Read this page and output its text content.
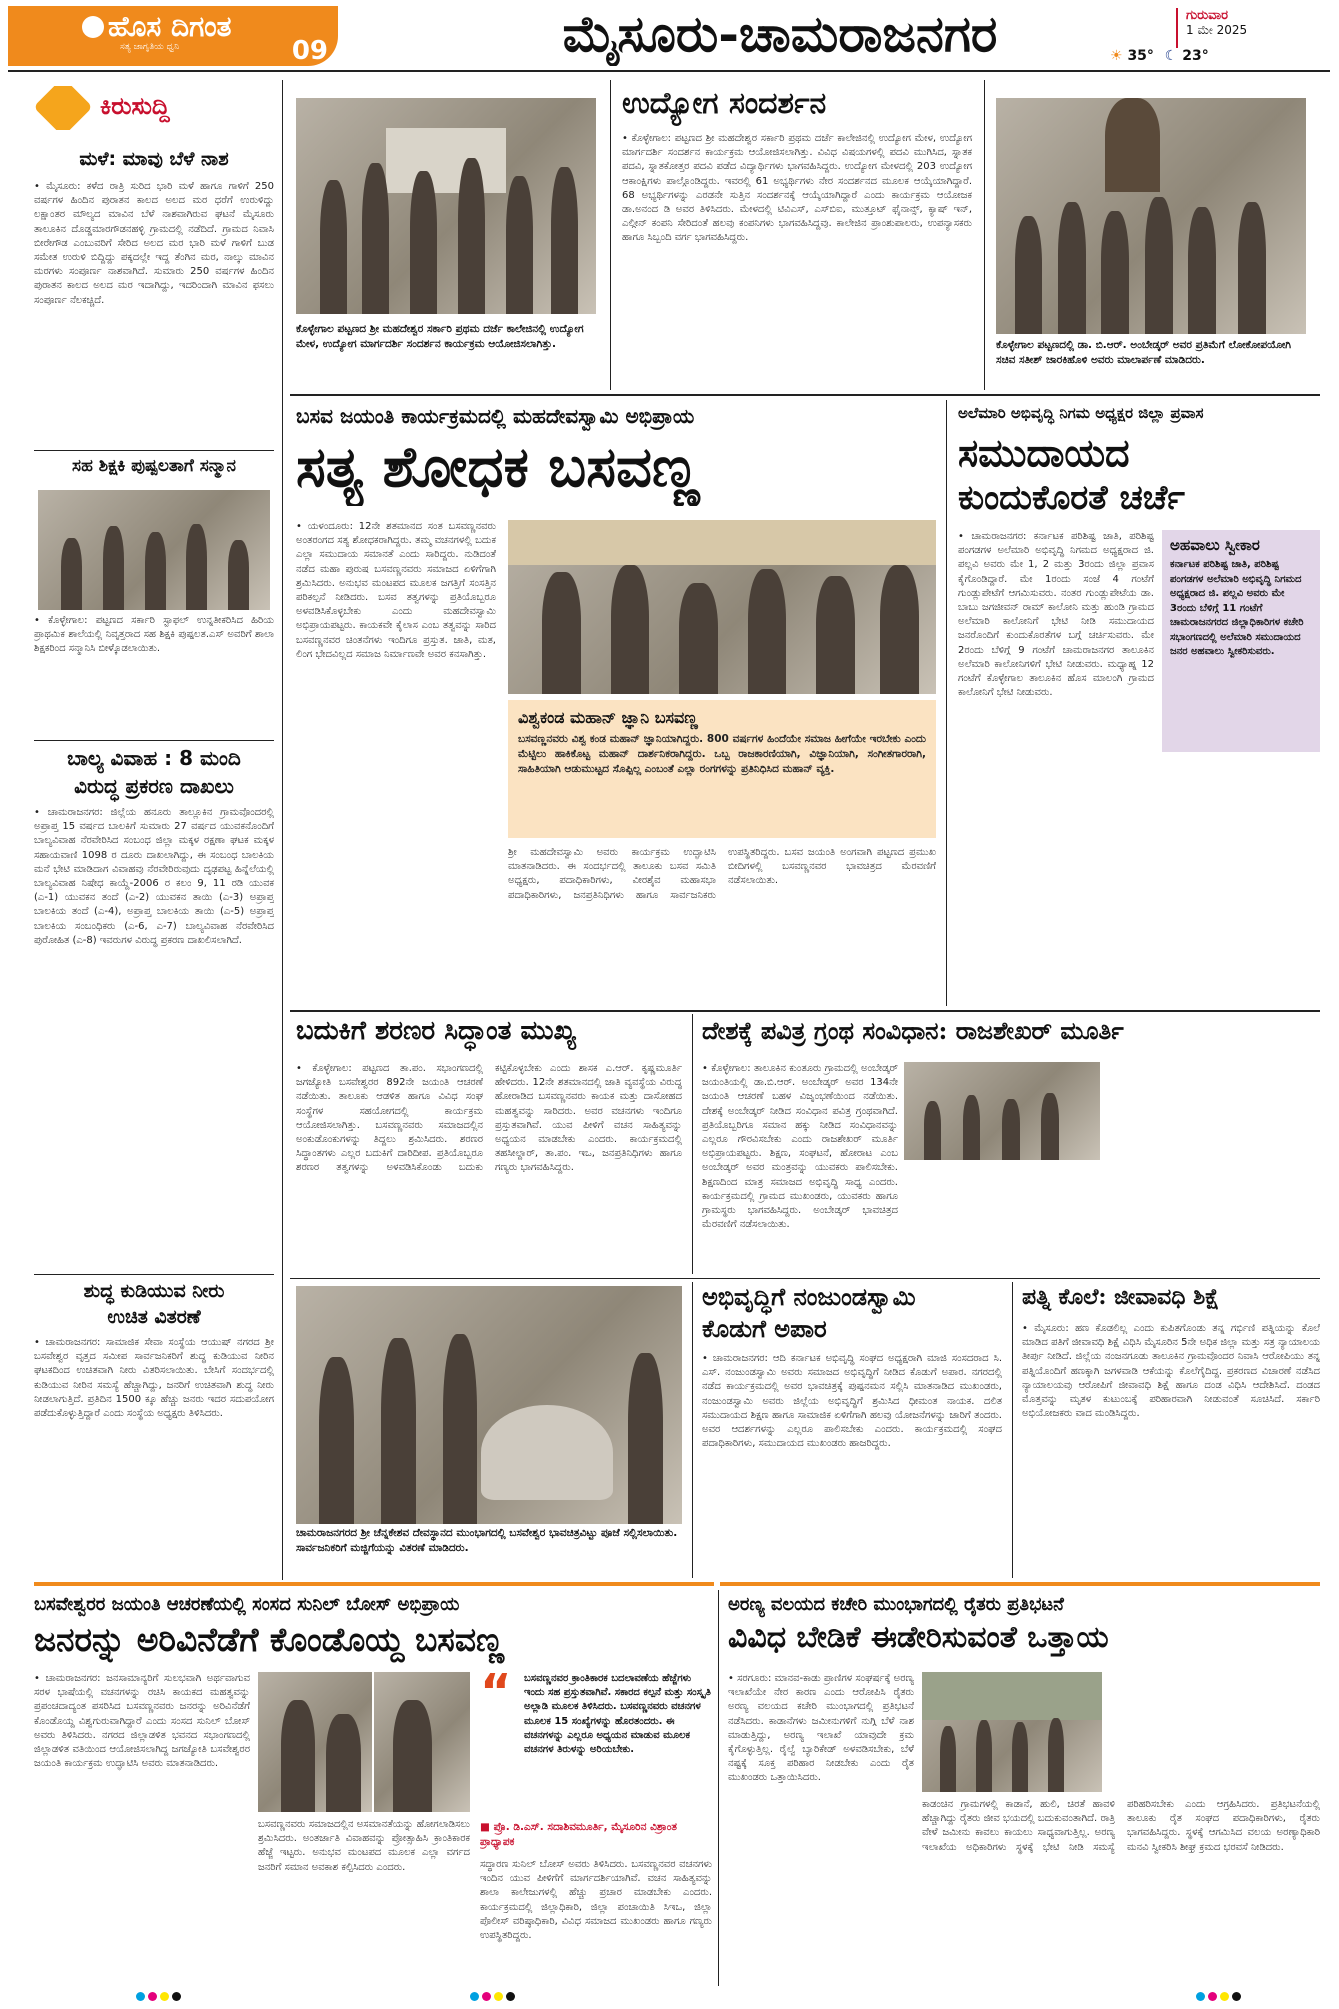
ಹೊಸ ದಿಗಂತ
ಸತ್ಯ ಜಾಗೃತಿಯ ಧ್ವನಿ	09	ಮೈಸೂರು-ಚಾಮರಾಜನಗರ	☀ 35° ☾ 23°
ಗುರುವಾರ
1 ಮೇ 2025
ಕಿರುಸುದ್ದಿ
ಮಳೆ: ಮಾವು ಬೆಳೆ ನಾಶ
• ಮೈಸೂರು: ಕಳೆದ ರಾತ್ರಿ ಸುರಿದ ಭಾರಿ ಮಳೆ ಹಾಗೂ ಗಾಳಿಗೆ 250 ವರ್ಷಗಳ ಹಿಂದಿನ ಪುರಾತನ ಕಾಲದ ಅಲದ ಮರ ಧರೆಗೆ ಉರುಳಿದ್ದು ಲಕ್ಷಾಂತರ ಮೌಲ್ಯದ ಮಾವಿನ ಬೆಳೆ ನಾಶವಾಗಿರುವ ಘಟನೆ ಮೈಸೂರು ತಾಲೂಕಿನ ದೊಡ್ಡಮಾರಗೌಡನಹಳ್ಳಿ ಗ್ರಾಮದಲ್ಲಿ ನಡೆದಿದೆ. ಗ್ರಾಮದ ನಿವಾಸಿ ಬೀರೇಗೌಡ ಎಂಬುವರಿಗೆ ಸೇರಿದ ಅಲದ ಮರ ಭಾರಿ ಮಳೆ ಗಾಳಿಗೆ ಬುಡ ಸಮೇತ ಉರುಳಿ ಬಿದ್ದಿದ್ದು ಪಕ್ಕದಲ್ಲೇ ಇದ್ದ ತೆಂಗಿನ ಮರ, ನಾಲ್ಕು ಮಾವಿನ ಮರಗಳು ಸಂಪೂರ್ಣ ನಾಶವಾಗಿದೆ. ಸುಮಾರು 250 ವರ್ಷಗಳ ಹಿಂದಿನ ಪುರಾತನ ಕಾಲದ ಅಲದ ಮರ ಇದಾಗಿದ್ದು, ಇದರಿಂದಾಗಿ ಮಾವಿನ ಫಸಲು ಸಂಪೂರ್ಣ ನೆಲಕಚ್ಚಿದೆ.
ಸಹ ಶಿಕ್ಷಕಿ ಪುಷ್ಪಲತಾಗೆ ಸನ್ಮಾನ
• ಕೊಳ್ಳೇಗಾಲ: ಪಟ್ಟಣದ ಸರ್ಕಾರಿ ಸ್ಟಾಫಲ್ ಉನ್ನತೀಕರಿಸಿದ ಹಿರಿಯ ಪ್ರಾಥಮಿಕ ಶಾಲೆಯಲ್ಲಿ ನಿವೃತ್ತರಾದ ಸಹ ಶಿಕ್ಷಕಿ ಪುಷ್ಪಲತ.ಎಸ್ ಅವರಿಗೆ ಶಾಲಾ ಶಿಕ್ಷಕರಿಂದ ಸನ್ಮಾನಿಸಿ ಬೀಳ್ಕೊಡಲಾಯಿತು.
ಬಾಲ್ಯ ವಿವಾಹ : 8 ಮಂದಿ
ವಿರುದ್ಧ ಪ್ರಕರಣ ದಾಖಲು
• ಚಾಮರಾಜನಗರ: ಜಿಲ್ಲೆಯ ಹನೂರು ತಾಲ್ಲೂಕಿನ ಗ್ರಾಮವೊಂದರಲ್ಲಿ ಅಪ್ರಾಪ್ತ 15 ವರ್ಷದ ಬಾಲಕಿಗೆ ಸುಮಾರು 27 ವರ್ಷದ ಯುವಕನೊಂದಿಗೆ ಬಾಲ್ಯವಿವಾಹ ನೆರವೇರಿಸಿದ ಸಂಬಂಧ ಜಿಲ್ಲಾ ಮಕ್ಕಳ ರಕ್ಷಣಾ ಘಟಕ ಮಕ್ಕಳ ಸಹಾಯವಾಣಿ 1098 ರ ದೂರು ದಾಖಲಾಗಿದ್ದು, ಈ ಸಂಬಂಧ ಬಾಲಕಿಯ ಮನೆ ಭೇಟಿ ಮಾಡಿದಾಗ ವಿವಾಹವು ನೆರವೇರಿರುವುದು ದೃಢಪಟ್ಟ ಹಿನ್ನೆಲೆಯಲ್ಲಿ ಬಾಲ್ಯವಿವಾಹ ನಿಷೇಧ ಕಾಯ್ದೆ-2006 ರ ಕಲಂ 9, 11 ರಡಿ ಯುವಕ (ಎ-1) ಯುವಕನ ತಂದೆ (ಎ-2) ಯುವಕನ ತಾಯಿ (ಎ-3) ಅಪ್ರಾಪ್ತ ಬಾಲಕಿಯ ತಂದೆ (ಎ-4), ಅಪ್ರಾಪ್ತ ಬಾಲಕಿಯ ತಾಯಿ (ಎ-5) ಅಪ್ರಾಪ್ತ ಬಾಲಕಿಯ ಸಂಬಂಧಿಕರು (ಎ-6, ಎ-7) ಬಾಲ್ಯವಿವಾಹ ನೆರವೇರಿಸಿದ ಪುರೋಹಿತ (ಎ-8) ಇವರುಗಳ ವಿರುದ್ಧ ಪ್ರಕರಣ ದಾಖಲಿಸಲಾಗಿದೆ.
ಶುದ್ಧ ಕುಡಿಯುವ ನೀರು
ಉಚಿತ ವಿತರಣೆ
• ಚಾಮರಾಜನಗರ: ಸಾಮಾಜಿಕ ಸೇವಾ ಸಂಸ್ಥೆಯ ಆಯುಷ್ ನಗರದ ಶ್ರೀ ಬಸವೇಶ್ವರ ವೃತ್ತದ ಸಮೀಪ ಸಾರ್ವಜನಿಕರಿಗೆ ಶುದ್ಧ ಕುಡಿಯುವ ನೀರಿನ ಘಟಕದಿಂದ ಉಚಿತವಾಗಿ ನೀರು ವಿತರಿಸಲಾಯಿತು. ಬೇಸಿಗೆ ಸಂದರ್ಭದಲ್ಲಿ ಕುಡಿಯುವ ನೀರಿನ ಸಮಸ್ಯೆ ಹೆಚ್ಚಾಗಿದ್ದು, ಜನರಿಗೆ ಉಚಿತವಾಗಿ ಶುದ್ಧ ನೀರು ನೀಡಲಾಗುತ್ತಿದೆ. ಪ್ರತಿದಿನ 1500 ಕ್ಕೂ ಹೆಚ್ಚು ಜನರು ಇದರ ಸದುಪಯೋಗ ಪಡೆದುಕೊಳ್ಳುತ್ತಿದ್ದಾರೆ ಎಂದು ಸಂಸ್ಥೆಯ ಅಧ್ಯಕ್ಷರು ತಿಳಿಸಿದರು.
ಕೊಳ್ಳೇಗಾಲ ಪಟ್ಟಣದ ಶ್ರೀ ಮಹದೇಶ್ವರ ಸರ್ಕಾರಿ ಪ್ರಥಮ ದರ್ಜೆ ಕಾಲೇಜಿನಲ್ಲಿ ಉದ್ಯೋಗ ಮೇಳ, ಉದ್ಯೋಗ ಮಾರ್ಗದರ್ಶಿ ಸಂದರ್ಶನ ಕಾರ್ಯಕ್ರಮ ಆಯೋಜಿಸಲಾಗಿತ್ತು.
ಉದ್ಯೋಗ ಸಂದರ್ಶನ
• ಕೊಳ್ಳೇಗಾಲ: ಪಟ್ಟಣದ ಶ್ರೀ ಮಹದೇಶ್ವರ ಸರ್ಕಾರಿ ಪ್ರಥಮ ದರ್ಜೆ ಕಾಲೇಜಿನಲ್ಲಿ ಉದ್ಯೋಗ ಮೇಳ, ಉದ್ಯೋಗ ಮಾರ್ಗದರ್ಶಿ ಸಂದರ್ಶನ ಕಾರ್ಯಕ್ರಮ ಆಯೋಜಿಸಲಾಗಿತ್ತು. ವಿವಿಧ ವಿಷಯಗಳಲ್ಲಿ ಪದವಿ ಮುಗಿಸಿದ, ಸ್ನಾತಕ ಪದವಿ, ಸ್ನಾತಕೋತ್ತರ ಪದವಿ ಪಡೆದ ವಿದ್ಯಾರ್ಥಿಗಳು ಭಾಗವಹಿಸಿದ್ದರು. ಉದ್ಯೋಗ ಮೇಳದಲ್ಲಿ 203 ಉದ್ಯೋಗ ಆಕಾಂಕ್ಷಿಗಳು ಪಾಲ್ಗೊಂಡಿದ್ದರು. ಇವರಲ್ಲಿ 61 ಅಭ್ಯರ್ಥಿಗಳು ನೇರ ಸಂದರ್ಶನದ ಮೂಲಕ ಆಯ್ಕೆಯಾಗಿದ್ದಾರೆ. 68 ಅಭ್ಯರ್ಥಿಗಳನ್ನು ಎರಡನೇ ಸುತ್ತಿನ ಸಂದರ್ಶನಕ್ಕೆ ಆಯ್ಕೆಯಾಗಿದ್ದಾರೆ ಎಂದು ಕಾರ್ಯಕ್ರಮ ಆಯೋಜಕ ಡಾ.ಅನಂದ ಡಿ ಅವರ ತಿಳಿಸಿದರು. ಮೇಳದಲ್ಲಿ ಟಿವಿಎಸ್, ಎಸ್‌ಬಿಐ, ಮುತ್ತೂಟ್ ಫೈನಾನ್ಸ್, ಕ್ಯಾಷ್ ಇನ್, ಎಲ್ಗೀನ್ ಕಂಪನಿ ಸೇರಿದಂತೆ ಹಲವು ಕಂಪನಿಗಳು ಭಾಗವಹಿಸಿದ್ದವು. ಕಾಲೇಜಿನ ಪ್ರಾಂಶುಪಾಲರು, ಉಪನ್ಯಾಸಕರು ಹಾಗೂ ಸಿಬ್ಬಂದಿ ವರ್ಗ ಭಾಗವಹಿಸಿದ್ದರು.
ಕೊಳ್ಳೇಗಾಲ ಪಟ್ಟಣದಲ್ಲಿ ಡಾ. ಬಿ.ಆರ್. ಅಂಬೇಡ್ಕರ್ ಅವರ ಪ್ರತಿಮೆಗೆ ಲೋಕೋಪಯೋಗಿ ಸಚಿವ ಸತೀಶ್ ಜಾರಕಿಹೊಳಿ ಅವರು ಮಾಲಾರ್ಪಣೆ ಮಾಡಿದರು.
ಬಸವ ಜಯಂತಿ ಕಾರ್ಯಕ್ರಮದಲ್ಲಿ ಮಹದೇವಸ್ವಾಮಿ ಅಭಿಪ್ರಾಯ
ಸತ್ಯ ಶೋಧಕ ಬಸವಣ್ಣ
• ಯಳಂದೂರು: 12ನೇ ಶತಮಾನದ ಸಂತ ಬಸವಣ್ಣನವರು ಅಂತರಂಗದ ಸತ್ಯ ಶೋಧಕರಾಗಿದ್ದರು. ತಮ್ಮ ವಚನಗಳಲ್ಲಿ ಬದುಕ ಎಲ್ಲಾ ಸಮುದಾಯ ಸಮಾನತೆ ಎಂದು ಸಾರಿದ್ದರು. ನುಡಿದಂತೆ ನಡೆದ ಮಹಾ ಪುರುಷ ಬಸವಣ್ಣನವರು ಸಮಾಜದ ಏಳಿಗೆಗಾಗಿ ಶ್ರಮಿಸಿದರು. ಅನುಭವ ಮಂಟಪದ ಮೂಲಕ ಜಗತ್ತಿಗೆ ಸಂಸತ್ತಿನ ಪರಿಕಲ್ಪನೆ ನೀಡಿದರು. ಬಸವ ತತ್ವಗಳನ್ನು ಪ್ರತಿಯೊಬ್ಬರೂ ಅಳವಡಿಸಿಕೊಳ್ಳಬೇಕು ಎಂದು ಮಹದೇವಸ್ವಾಮಿ ಅಭಿಪ್ರಾಯಪಟ್ಟರು. ಕಾಯಕವೇ ಕೈಲಾಸ ಎಂಬ ತತ್ವವನ್ನು ಸಾರಿದ ಬಸವಣ್ಣನವರ ಚಿಂತನೆಗಳು ಇಂದಿಗೂ ಪ್ರಸ್ತುತ. ಜಾತಿ, ಮತ, ಲಿಂಗ ಭೇದವಿಲ್ಲದ ಸಮಾಜ ನಿರ್ಮಾಣವೇ ಅವರ ಕನಸಾಗಿತ್ತು.
ವಿಶ್ವಕಂಡ ಮಹಾನ್ ಜ್ಞಾನಿ ಬಸವಣ್ಣ
ಬಸವಣ್ಣನವರು ವಿಶ್ವ ಕಂಡ ಮಹಾನ್ ಜ್ಞಾನಿಯಾಗಿದ್ದರು. 800 ವರ್ಷಗಳ ಹಿಂದೆಯೇ ಸಮಾಜ ಹೀಗೆಯೇ ಇರಬೇಕು ಎಂದು ಮೆಟ್ಟಿಲು ಹಾಕಿಕೊಟ್ಟ ಮಹಾನ್ ದಾರ್ಶನಿಕರಾಗಿದ್ದರು. ಒಬ್ಬ ರಾಜಕಾರಣಿಯಾಗಿ, ವಿಜ್ಞಾನಿಯಾಗಿ, ಸಂಗೀತಗಾರರಾಗಿ, ಸಾಹಿತಿಯಾಗಿ ಆಡುಮುಟ್ಟದ ಸೊಪ್ಪಿಲ್ಲ ಎಂಬಂತೆ ಎಲ್ಲಾ ರಂಗಗಳನ್ನು ಪ್ರತಿನಿಧಿಸಿದ ಮಹಾನ್ ವ್ಯಕ್ತಿ.
ಶ್ರೀ ಮಹದೇವಸ್ವಾಮಿ ಅವರು ಕಾರ್ಯಕ್ರಮ ಉದ್ಘಾಟಿಸಿ ಮಾತನಾಡಿದರು. ಈ ಸಂದರ್ಭದಲ್ಲಿ ತಾಲೂಕು ಬಸವ ಸಮಿತಿ ಅಧ್ಯಕ್ಷರು, ಪದಾಧಿಕಾರಿಗಳು, ವೀರಶೈವ ಮಹಾಸಭಾ ಪದಾಧಿಕಾರಿಗಳು, ಜನಪ್ರತಿನಿಧಿಗಳು ಹಾಗೂ ಸಾರ್ವಜನಿಕರು ಉಪಸ್ಥಿತರಿದ್ದರು. ಬಸವ ಜಯಂತಿ ಅಂಗವಾಗಿ ಪಟ್ಟಣದ ಪ್ರಮುಖ ಬೀದಿಗಳಲ್ಲಿ ಬಸವಣ್ಣನವರ ಭಾವಚಿತ್ರದ ಮೆರವಣಿಗೆ ನಡೆಸಲಾಯಿತು.
ಅಲೆಮಾರಿ ಅಭಿವೃದ್ಧಿ ನಿಗಮ ಅಧ್ಯಕ್ಷರ ಜಿಲ್ಲಾ ಪ್ರವಾಸ
ಸಮುದಾಯದ
ಕುಂದುಕೊರತೆ ಚರ್ಚೆ
• ಚಾಮರಾಜನಗರ: ಕರ್ನಾಟಕ ಪರಿಶಿಷ್ಟ ಜಾತಿ, ಪರಿಶಿಷ್ಟ ಪಂಗಡಗಳ ಅಲೆಮಾರಿ ಅಭಿವೃದ್ಧಿ ನಿಗಮದ ಅಧ್ಯಕ್ಷರಾದ ಜಿ. ಪಲ್ಲವಿ ಅವರು ಮೇ 1, 2 ಮತ್ತು 3ರಂದು ಜಿಲ್ಲಾ ಪ್ರವಾಸ ಕೈಗೊಂಡಿದ್ದಾರೆ. ಮೇ 1ರಂದು ಸಂಜೆ 4 ಗಂಟೆಗೆ ಗುಂಡ್ಲುಪೇಟೆಗೆ ಆಗಮಿಸುವರು. ನಂತರ ಗುಂಡ್ಲುಪೇಟೆಯ ಡಾ. ಬಾಬು ಜಗಜೀವನ್ ರಾಮ್ ಕಾಲೋನಿ ಮತ್ತು ಹುಂಡಿ ಗ್ರಾಮದ ಅಲೆಮಾರಿ ಕಾಲೋನಿಗೆ ಭೇಟಿ ನೀಡಿ ಸಮುದಾಯದ ಜನರೊಂದಿಗೆ ಕುಂದುಕೊರತೆಗಳ ಬಗ್ಗೆ ಚರ್ಚಿಸುವರು. ಮೇ 2ರಂದು ಬೆಳಿಗ್ಗೆ 9 ಗಂಟೆಗೆ ಚಾಮರಾಜನಗರ ತಾಲೂಕಿನ ಅಲೆಮಾರಿ ಕಾಲೋನಿಗಳಿಗೆ ಭೇಟಿ ನೀಡುವರು. ಮಧ್ಯಾಹ್ನ 12 ಗಂಟೆಗೆ ಕೊಳ್ಳೇಗಾಲ ತಾಲೂಕಿನ ಹೊಸ ಮಾಲಂಗಿ ಗ್ರಾಮದ ಕಾಲೋನಿಗೆ ಭೇಟಿ ನೀಡುವರು.
ಅಹವಾಲು ಸ್ವೀಕಾರ
ಕರ್ನಾಟಕ ಪರಿಶಿಷ್ಟ ಜಾತಿ, ಪರಿಶಿಷ್ಟ ಪಂಗಡಗಳ ಅಲೆಮಾರಿ ಅಭಿವೃದ್ಧಿ ನಿಗಮದ ಅಧ್ಯಕ್ಷರಾದ ಜಿ. ಪಲ್ಲವಿ ಅವರು ಮೇ 3ರಂದು ಬೆಳಿಗ್ಗೆ 11 ಗಂಟೆಗೆ ಚಾಮರಾಜನಗರದ ಜಿಲ್ಲಾಧಿಕಾರಿಗಳ ಕಚೇರಿ ಸಭಾಂಗಣದಲ್ಲಿ ಅಲೆಮಾರಿ ಸಮುದಾಯದ ಜನರ ಅಹವಾಲು ಸ್ವೀಕರಿಸುವರು.
ಬದುಕಿಗೆ ಶರಣರ ಸಿದ್ಧಾಂತ ಮುಖ್ಯ
• ಕೊಳ್ಳೇಗಾಲ: ಪಟ್ಟಣದ ತಾ.ಪಂ. ಸಭಾಂಗಣದಲ್ಲಿ ಜಗಜ್ಯೋತಿ ಬಸವೇಶ್ವರರ 892ನೇ ಜಯಂತಿ ಆಚರಣೆ ನಡೆಯಿತು. ತಾಲೂಕು ಆಡಳಿತ ಹಾಗೂ ವಿವಿಧ ಸಂಘ ಸಂಸ್ಥೆಗಳ ಸಹಯೋಗದಲ್ಲಿ ಕಾರ್ಯಕ್ರಮ ಆಯೋಜಿಸಲಾಗಿತ್ತು. ಬಸವಣ್ಣನವರು ಸಮಾಜದಲ್ಲಿನ ಅಂಕುಡೊಂಕುಗಳನ್ನು ತಿದ್ದಲು ಶ್ರಮಿಸಿದರು. ಶರಣರ ಸಿದ್ಧಾಂತಗಳು ಎಲ್ಲರ ಬದುಕಿಗೆ ದಾರಿದೀಪ. ಪ್ರತಿಯೊಬ್ಬರೂ ಶರಣರ ತತ್ವಗಳನ್ನು ಅಳವಡಿಸಿಕೊಂಡು ಬದುಕು ಕಟ್ಟಿಕೊಳ್ಳಬೇಕು ಎಂದು ಶಾಸಕ ಎ.ಆರ್. ಕೃಷ್ಣಮೂರ್ತಿ ಹೇಳಿದರು. 12ನೇ ಶತಮಾನದಲ್ಲಿ ಜಾತಿ ವ್ಯವಸ್ಥೆಯ ವಿರುದ್ಧ ಹೋರಾಡಿದ ಬಸವಣ್ಣನವರು ಕಾಯಕ ಮತ್ತು ದಾಸೋಹದ ಮಹತ್ವವನ್ನು ಸಾರಿದರು. ಅವರ ವಚನಗಳು ಇಂದಿಗೂ ಪ್ರಸ್ತುತವಾಗಿವೆ. ಯುವ ಪೀಳಿಗೆ ವಚನ ಸಾಹಿತ್ಯವನ್ನು ಅಧ್ಯಯನ ಮಾಡಬೇಕು ಎಂದರು. ಕಾರ್ಯಕ್ರಮದಲ್ಲಿ ತಹಸೀಲ್ದಾರ್, ತಾ.ಪಂ. ಇಒ, ಜನಪ್ರತಿನಿಧಿಗಳು ಹಾಗೂ ಗಣ್ಯರು ಭಾಗವಹಿಸಿದ್ದರು.
ದೇಶಕ್ಕೆ ಪವಿತ್ರ ಗ್ರಂಥ ಸಂವಿಧಾನ: ರಾಜಶೇಖರ್ ಮೂರ್ತಿ
• ಕೊಳ್ಳೇಗಾಲ: ತಾಲೂಕಿನ ಕುಂತೂರು ಗ್ರಾಮದಲ್ಲಿ ಅಂಬೇಡ್ಕರ್ ಜಯಂತಿಯಲ್ಲಿ ಡಾ.ಬಿ.ಆರ್. ಅಂಬೇಡ್ಕರ್ ಅವರ 134ನೇ ಜಯಂತಿ ಆಚರಣೆ ಬಹಳ ವಿಜೃಂಭಣೆಯಿಂದ ನಡೆಯಿತು. ದೇಶಕ್ಕೆ ಅಂಬೇಡ್ಕರ್ ನೀಡಿದ ಸಂವಿಧಾನ ಪವಿತ್ರ ಗ್ರಂಥವಾಗಿದೆ. ಪ್ರತಿಯೊಬ್ಬರಿಗೂ ಸಮಾನ ಹಕ್ಕು ನೀಡಿದ ಸಂವಿಧಾನವನ್ನು ಎಲ್ಲರೂ ಗೌರವಿಸಬೇಕು ಎಂದು ರಾಜಶೇಖರ್ ಮೂರ್ತಿ ಅಭಿಪ್ರಾಯಪಟ್ಟರು. ಶಿಕ್ಷಣ, ಸಂಘಟನೆ, ಹೋರಾಟ ಎಂಬ ಅಂಬೇಡ್ಕರ್ ಅವರ ಮಂತ್ರವನ್ನು ಯುವಕರು ಪಾಲಿಸಬೇಕು. ಶಿಕ್ಷಣದಿಂದ ಮಾತ್ರ ಸಮಾಜದ ಅಭಿವೃದ್ಧಿ ಸಾಧ್ಯ ಎಂದರು. ಕಾರ್ಯಕ್ರಮದಲ್ಲಿ ಗ್ರಾಮದ ಮುಖಂಡರು, ಯುವಕರು ಹಾಗೂ ಗ್ರಾಮಸ್ಥರು ಭಾಗವಹಿಸಿದ್ದರು. ಅಂಬೇಡ್ಕರ್ ಭಾವಚಿತ್ರದ ಮೆರವಣಿಗೆ ನಡೆಸಲಾಯಿತು.
ಚಾಮರಾಜನಗರದ ಶ್ರೀ ಚೆನ್ನಕೇಶವ ದೇವಸ್ಥಾನದ ಮುಂಭಾಗದಲ್ಲಿ ಬಸವೇಶ್ವರ ಭಾವಚಿತ್ರವಿಟ್ಟು ಪೂಜೆ ಸಲ್ಲಿಸಲಾಯಿತು. ಸಾರ್ವಜನಿಕರಿಗೆ ಮಜ್ಜಿಗೆಯನ್ನು ವಿತರಣೆ ಮಾಡಿದರು.
ಅಭಿವೃದ್ಧಿಗೆ ನಂಜುಂಡಸ್ವಾಮಿ
ಕೊಡುಗೆ ಅಪಾರ
• ಚಾಮರಾಜನಗರ: ಆದಿ ಕರ್ನಾಟಕ ಅಭಿವೃದ್ಧಿ ಸಂಘದ ಅಧ್ಯಕ್ಷರಾಗಿ ಮಾಜಿ ಸಂಸದರಾದ ಸಿ. ಎಸ್. ನಂಜುಂಡಸ್ವಾಮಿ ಅವರು ಸಮಾಜದ ಅಭಿವೃದ್ಧಿಗೆ ನೀಡಿದ ಕೊಡುಗೆ ಅಪಾರ. ನಗರದಲ್ಲಿ ನಡೆದ ಕಾರ್ಯಕ್ರಮದಲ್ಲಿ ಅವರ ಭಾವಚಿತ್ರಕ್ಕೆ ಪುಷ್ಪನಮನ ಸಲ್ಲಿಸಿ ಮಾತನಾಡಿದ ಮುಖಂಡರು, ನಂಜುಂಡಸ್ವಾಮಿ ಅವರು ಜಿಲ್ಲೆಯ ಅಭಿವೃದ್ಧಿಗೆ ಶ್ರಮಿಸಿದ ಧೀಮಂತ ನಾಯಕ. ದಲಿತ ಸಮುದಾಯದ ಶಿಕ್ಷಣ ಹಾಗೂ ಸಾಮಾಜಿಕ ಏಳಿಗೆಗಾಗಿ ಹಲವು ಯೋಜನೆಗಳನ್ನು ಜಾರಿಗೆ ತಂದರು. ಅವರ ಆದರ್ಶಗಳನ್ನು ಎಲ್ಲರೂ ಪಾಲಿಸಬೇಕು ಎಂದರು. ಕಾರ್ಯಕ್ರಮದಲ್ಲಿ ಸಂಘದ ಪದಾಧಿಕಾರಿಗಳು, ಸಮುದಾಯದ ಮುಖಂಡರು ಹಾಜರಿದ್ದರು.
ಪತ್ನಿ ಕೊಲೆ: ಜೀವಾವಧಿ ಶಿಕ್ಷೆ
• ಮೈಸೂರು: ಹಣ ಕೊಡಲಿಲ್ಲ ಎಂದು ಕುಪಿತಗೊಂಡು ತನ್ನ ಗರ್ಭಿಣಿ ಪತ್ನಿಯನ್ನು ಕೊಲೆ ಮಾಡಿದ ಪತಿಗೆ ಜೀವಾವಧಿ ಶಿಕ್ಷೆ ವಿಧಿಸಿ ಮೈಸೂರಿನ 5ನೇ ಅಧಿಕ ಜಿಲ್ಲಾ ಮತ್ತು ಸತ್ರ ನ್ಯಾಯಾಲಯ ತೀರ್ಪು ನೀಡಿದೆ. ಜಿಲ್ಲೆಯ ನಂಜನಗೂಡು ತಾಲೂಕಿನ ಗ್ರಾಮವೊಂದರ ನಿವಾಸಿ ಆರೋಪಿಯು ತನ್ನ ಪತ್ನಿಯೊಂದಿಗೆ ಹಣಕ್ಕಾಗಿ ಜಗಳವಾಡಿ ಆಕೆಯನ್ನು ಕೊಲೆಗೈದಿದ್ದ. ಪ್ರಕರಣದ ವಿಚಾರಣೆ ನಡೆಸಿದ ನ್ಯಾಯಾಲಯವು ಆರೋಪಿಗೆ ಜೀವಾವಧಿ ಶಿಕ್ಷೆ ಹಾಗೂ ದಂಡ ವಿಧಿಸಿ ಆದೇಶಿಸಿದೆ. ದಂಡದ ಮೊತ್ತವನ್ನು ಮೃತಳ ಕುಟುಂಬಕ್ಕೆ ಪರಿಹಾರವಾಗಿ ನೀಡುವಂತೆ ಸೂಚಿಸಿದೆ. ಸರ್ಕಾರಿ ಅಭಿಯೋಜಕರು ವಾದ ಮಂಡಿಸಿದ್ದರು.
ಬಸವೇಶ್ವರರ ಜಯಂತಿ ಆಚರಣೆಯಲ್ಲಿ ಸಂಸದ ಸುನಿಲ್ ಬೋಸ್ ಅಭಿಪ್ರಾಯ
ಜನರನ್ನು ಅರಿವಿನೆಡೆಗೆ ಕೊಂಡೊಯ್ದ ಬಸವಣ್ಣ
• ಚಾಮರಾಜನಗರ: ಜನಸಾಮಾನ್ಯರಿಗೆ ಸುಲಭವಾಗಿ ಅರ್ಥವಾಗುವ ಸರಳ ಭಾಷೆಯಲ್ಲಿ ವಚನಗಳನ್ನು ರಚಿಸಿ ಕಾಯಕದ ಮಹತ್ವವನ್ನು ಪ್ರಪಂಚದಾದ್ಯಂತ ಪಸರಿಸಿದ ಬಸವಣ್ಣನವರು ಜನರನ್ನು ಅರಿವಿನೆಡೆಗೆ ಕೊಂಡೊಯ್ದ ವಿಶ್ವಗುರುವಾಗಿದ್ದಾರೆ ಎಂದು ಸಂಸದ ಸುನಿಲ್ ಬೋಸ್ ಅವರು ತಿಳಿಸಿದರು. ನಗರದ ಜಿಲ್ಲಾಡಳಿತ ಭವನದ ಸಭಾಂಗಣದಲ್ಲಿ ಜಿಲ್ಲಾಡಳಿತ ವತಿಯಿಂದ ಆಯೋಜಿಸಲಾಗಿದ್ದ ಜಗಜ್ಯೋತಿ ಬಸವೇಶ್ವರರ ಜಯಂತಿ ಕಾರ್ಯಕ್ರಮ ಉದ್ಘಾಟಿಸಿ ಅವರು ಮಾತನಾಡಿದರು.
ಬಸವಣ್ಣನವರು ಸಮಾಜದಲ್ಲಿನ ಅಸಮಾನತೆಯನ್ನು ಹೋಗಲಾಡಿಸಲು ಶ್ರಮಿಸಿದರು. ಅಂತರ್ಜಾತಿ ವಿವಾಹವನ್ನು ಪ್ರೋತ್ಸಾಹಿಸಿ ಕ್ರಾಂತಿಕಾರಕ ಹೆಜ್ಜೆ ಇಟ್ಟರು. ಅನುಭವ ಮಂಟಪದ ಮೂಲಕ ಎಲ್ಲಾ ವರ್ಗದ ಜನರಿಗೆ ಸಮಾನ ಅವಕಾಶ ಕಲ್ಪಿಸಿದರು ಎಂದರು.
“	ಬಸವಣ್ಣನವರ ಕ್ರಾಂತಿಕಾರಕ ಬದಲಾವಣೆಯ ಹೆಜ್ಜೆಗಳು ಇಂದು ಸಹ ಪ್ರಸ್ತುತವಾಗಿವೆ. ಸಕಾರದ ಕಲ್ಪನೆ ಮತ್ತು ಸಂಸ್ಕೃತಿ ಅಲ್ಲಾಡಿ ಮೂಲಕ ತಿಳಿಸಿದರು. ಬಸವಣ್ಣನವರು ವಚನಗಳ ಮೂಲಕ 15 ಸಂಖ್ಯೆಗಳನ್ನು ಹೊರತಂದರು. ಈ ವಚನಗಳನ್ನು ಎಲ್ಲರೂ ಅಧ್ಯಯನ ಮಾಡುವ ಮೂಲಕ ವಚನಗಳ ತಿರುಳನ್ನು ಅರಿಯಬೇಕು.
■ ಪ್ರೊ. ಡಿ.ಎಸ್. ಸದಾಶಿವಮೂರ್ತಿ, ಮೈಸೂರಿನ ವಿಶ್ರಾಂತ ಪ್ರಾಧ್ಯಾಪಕ
ಸದ್ಧಾರಣ ಸುನಿಲ್ ಬೋಸ್ ಅವರು ತಿಳಿಸಿದರು. ಬಸವಣ್ಣನವರ ವಚನಗಳು ಇಂದಿನ ಯುವ ಪೀಳಿಗೆಗೆ ಮಾರ್ಗದರ್ಶಿಯಾಗಿವೆ. ವಚನ ಸಾಹಿತ್ಯವನ್ನು ಶಾಲಾ ಕಾಲೇಜುಗಳಲ್ಲಿ ಹೆಚ್ಚು ಪ್ರಚಾರ ಮಾಡಬೇಕು ಎಂದರು. ಕಾರ್ಯಕ್ರಮದಲ್ಲಿ ಜಿಲ್ಲಾಧಿಕಾರಿ, ಜಿಲ್ಲಾ ಪಂಚಾಯಿತಿ ಸಿಇಒ, ಜಿಲ್ಲಾ ಪೊಲೀಸ್ ವರಿಷ್ಠಾಧಿಕಾರಿ, ವಿವಿಧ ಸಮಾಜದ ಮುಖಂಡರು ಹಾಗೂ ಗಣ್ಯರು ಉಪಸ್ಥಿತರಿದ್ದರು.
ಅರಣ್ಯ ವಲಯದ ಕಚೇರಿ ಮುಂಭಾಗದಲ್ಲಿ ರೈತರು ಪ್ರತಿಭಟನೆ
ವಿವಿಧ ಬೇಡಿಕೆ ಈಡೇರಿಸುವಂತೆ ಒತ್ತಾಯ
• ಸರಗೂರು: ಮಾನವ-ಕಾಡು ಪ್ರಾಣಿಗಳ ಸಂಘರ್ಷಕ್ಕೆ ಅರಣ್ಯ ಇಲಾಖೆಯೇ ನೇರ ಕಾರಣ ಎಂದು ಆರೋಪಿಸಿ ರೈತರು ಅರಣ್ಯ ವಲಯದ ಕಚೇರಿ ಮುಂಭಾಗದಲ್ಲಿ ಪ್ರತಿಭಟನೆ ನಡೆಸಿದರು. ಕಾಡಾನೆಗಳು ಜಮೀನುಗಳಿಗೆ ನುಗ್ಗಿ ಬೆಳೆ ನಾಶ ಮಾಡುತ್ತಿದ್ದು, ಅರಣ್ಯ ಇಲಾಖೆ ಯಾವುದೇ ಕ್ರಮ ಕೈಗೊಳ್ಳುತ್ತಿಲ್ಲ. ರೈಲ್ವೆ ಬ್ಯಾರಿಕೇಡ್ ಅಳವಡಿಸಬೇಕು, ಬೆಳೆ ನಷ್ಟಕ್ಕೆ ಸೂಕ್ತ ಪರಿಹಾರ ನೀಡಬೇಕು ಎಂದು ರೈತ ಮುಖಂಡರು ಒತ್ತಾಯಿಸಿದರು.
ಕಾಡಂಚಿನ ಗ್ರಾಮಗಳಲ್ಲಿ ಕಾಡಾನೆ, ಹುಲಿ, ಚಿರತೆ ಹಾವಳಿ ಹೆಚ್ಚಾಗಿದ್ದು ರೈತರು ಜೀವ ಭಯದಲ್ಲಿ ಬದುಕುವಂತಾಗಿದೆ. ರಾತ್ರಿ ವೇಳೆ ಜಮೀನು ಕಾವಲು ಕಾಯಲು ಸಾಧ್ಯವಾಗುತ್ತಿಲ್ಲ. ಅರಣ್ಯ ಇಲಾಖೆಯ ಅಧಿಕಾರಿಗಳು ಸ್ಥಳಕ್ಕೆ ಭೇಟಿ ನೀಡಿ ಸಮಸ್ಯೆ ಪರಿಹರಿಸಬೇಕು ಎಂದು ಆಗ್ರಹಿಸಿದರು. ಪ್ರತಿಭಟನೆಯಲ್ಲಿ ತಾಲೂಕು ರೈತ ಸಂಘದ ಪದಾಧಿಕಾರಿಗಳು, ರೈತರು ಭಾಗವಹಿಸಿದ್ದರು. ಸ್ಥಳಕ್ಕೆ ಆಗಮಿಸಿದ ವಲಯ ಅರಣ್ಯಾಧಿಕಾರಿ ಮನವಿ ಸ್ವೀಕರಿಸಿ ಶೀಘ್ರ ಕ್ರಮದ ಭರವಸೆ ನೀಡಿದರು.
